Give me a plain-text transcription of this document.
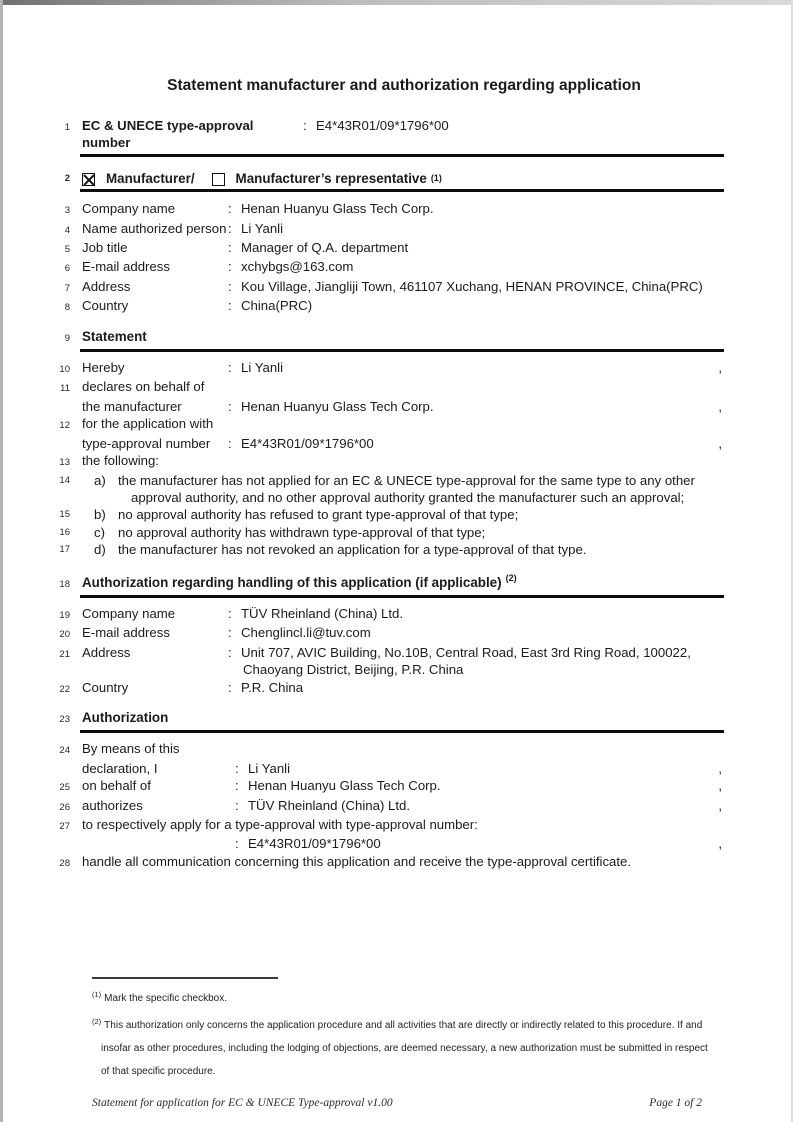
Statement manufacturer and authorization regarding application
1 EC & UNECE type-approval number
: E4*43R01/09*1796*00
2	Manufacturer/	Manufacturer’s representative (1)
3 Company name	: Henan Huanyu Glass Tech Corp.
4 Name authorized person : Li Yanli
5 Job title	: Manager of Q.A. department
6 E-mail address	: xchybgs@163.com
7 Address	: Kou Village, Jiangliji Town, 461107 Xuchang, HENAN PROVINCE, China(PRC)
8 Country	: China(PRC)
9 Statement
10 Hereby	: Li Yanli	,
11 declares on behalf of
the manufacturer	: Henan Huanyu Glass Tech Corp.	,
12 for the application with
type-approval number	: E4*43R01/09*1796*00	,
13 the following:
14	a) the manufacturer has not applied for an EC & UNECE type-approval for the same type to any other approval authority, and no other approval authority granted the manufacturer such an approval;
15	b) no approval authority has refused to grant type-approval of that type;
16	c) no approval authority has withdrawn type-approval of that type;
17	d) the manufacturer has not revoked an application for a type-approval of that type.
18 Authorization regarding handling of this application (if applicable) $^{(2)}$
19 Company name	: TÜV Rheinland (China) Ltd.
20 E-mail address	: Chenglincl.li@tuv.com
21 Address	: Unit 707, AVIC Building, No.10B, Central Road, East 3rd Ring Road, 100022,
Chaoyang District, Beijing, P.R. China
22 Country	: P.R. China
23 Authorization
24 By means of this
declaration, I	: Li Yanli	,
25 on behalf of	: Henan Huanyu Glass Tech Corp.	,
26 authorizes	: TÜV Rheinland (China) Ltd.	,
27 to respectively apply for a type-approval with type-approval number:
: E4*43R01/09*1796*00	,
28 handle all communication concerning this application and receive the type-approval certificate.
$^{(1)}$ Mark the specific checkbox.
$^{(2)}$ This authorization only concerns the application procedure and all activities that are directly or indirectly related to this procedure. If and insofar as other procedures, including the lodging of objections, are deemed necessary, a new authorization must be submitted in respect of that specific procedure.
Statement for application for EC & UNECE Type-approval v1.00	Page 1 of 2
